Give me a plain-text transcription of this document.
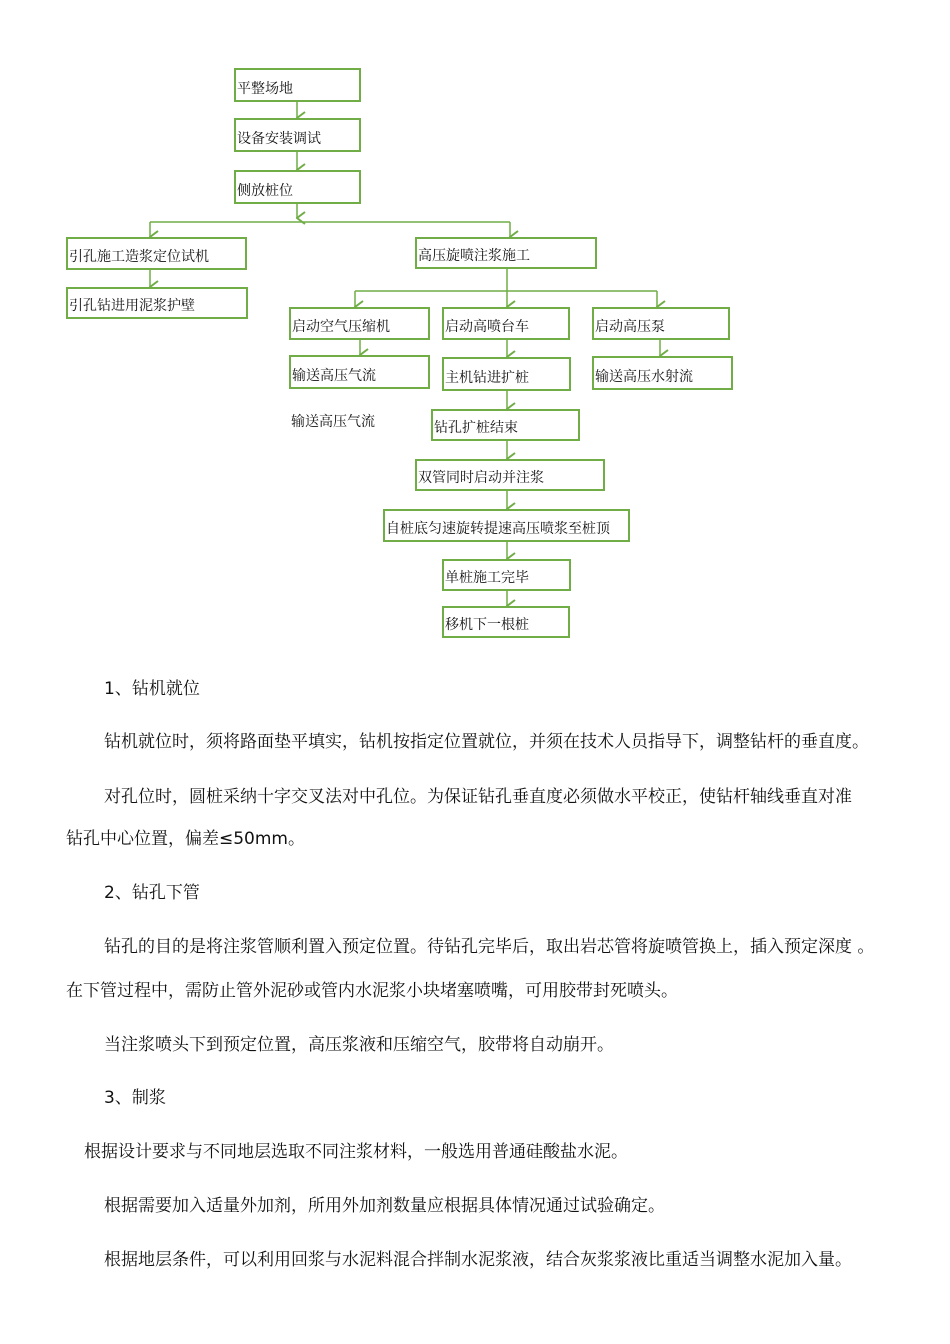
平整场地
设备安装调试
侧放桩位
引孔施工造浆定位试机
引孔钻进用泥浆护壁
高压旋喷注浆施工
启动空气压缩机
输送高压气流
输送高压气流
启动高喷台车
主机钻进扩桩
启动高压泵
输送高压水射流
钻孔扩桩结束
双管同时启动并注浆
自桩底匀速旋转提速高压喷浆至桩顶
单桩施工完毕
移机下一根桩
1、钻机就位
钻机就位时，须将路面垫平填实，钻机按指定位置就位，并须在技术人员指导下，调整钻杆的垂直度。
对孔位时，圆桩采纳十字交叉法对中孔位。为保证钻孔垂直度必须做水平校正，使钻杆轴线垂直对准
钻孔中心位置，偏差≤50mm。
2、钻孔下管
钻孔的目的是将注浆管顺利置入预定位置。待钻孔完毕后，取出岩芯管将旋喷管换上，插入预定深度 。
在下管过程中，需防止管外泥砂或管内水泥浆小块堵塞喷嘴，可用胶带封死喷头。
当注浆喷头下到预定位置，高压浆液和压缩空气，胶带将自动崩开。
3、制浆
根据设计要求与不同地层选取不同注浆材料，一般选用普通硅酸盐水泥。
根据需要加入适量外加剂，所用外加剂数量应根据具体情况通过试验确定。
根据地层条件，可以利用回浆与水泥料混合拌制水泥浆液，结合灰浆浆液比重适当调整水泥加入量。
